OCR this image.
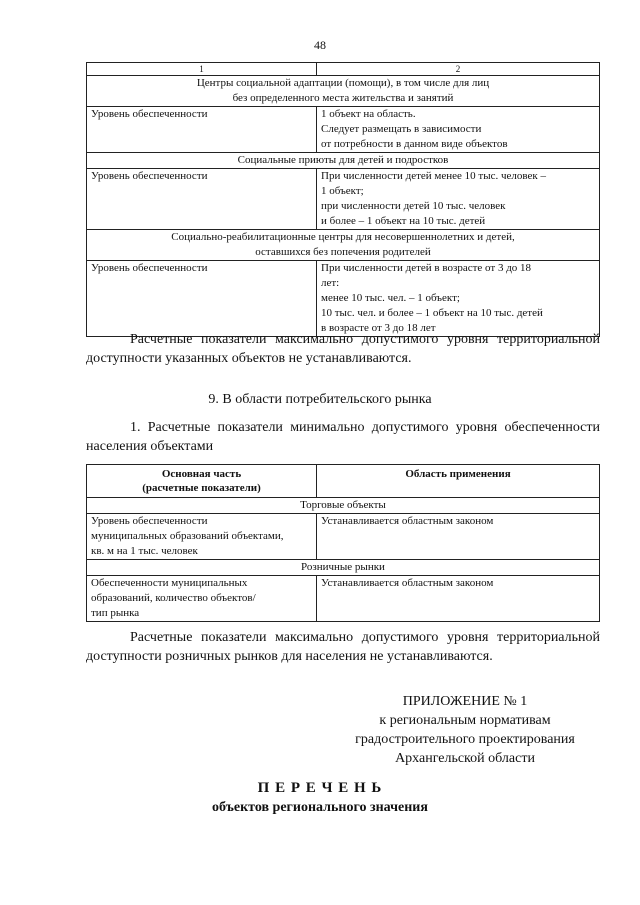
48
1	2

Центры социальной адаптации (помощи), в том числе для лиц
без определенного места жительства и занятий	

Уровень обеспеченности	1 объект на область.
Следует размещать в зависимости
от потребности в данном виде объектов

Социальные приюты для детей и подростков	
Уровень обеспеченности	При численности детей менее 10 тыс. человек –
1 объект;
при численности детей 10 тыс. человек
и более – 1 объект на 10 тыс. детей

Социально-реабилитационные центры для несовершеннолетних и детей,
оставшихся без попечения родителей	

Уровень обеспеченности	При численности детей в возрасте от 3 до 18
лет:
менее 10 тыс. чел. – 1 объект;
10 тыс. чел. и более – 1 объект на 10 тыс. детей
в возрасте от 3 до 18 лет

Расчетные показатели максимально допустимого уровня территориальной доступности указанных объектов не устанавливаются.

9. В области потребительского рынка

1. Расчетные показатели минимально допустимого уровня обеспеченности населения объектами

Основная часть
(расчетные показатели)	Область применения
Торговые объекты	

Уровень обеспеченности
муниципальных образований объектами,
кв. м на 1 тыс. человек	Устанавливается областным законом
Розничные рынки	

Обеспеченности муниципальных
образований, количество объектов/
тип рынка	Устанавливается областным законом

Расчетные показатели максимально допустимого уровня территориальной доступности розничных рынков для населения не устанавливаются.

ПРИЛОЖЕНИЕ № 1
к региональным нормативам
градостроительного проектирования
Архангельской области
П Е Р Е Ч Е Н Ь
объектов регионального значения
